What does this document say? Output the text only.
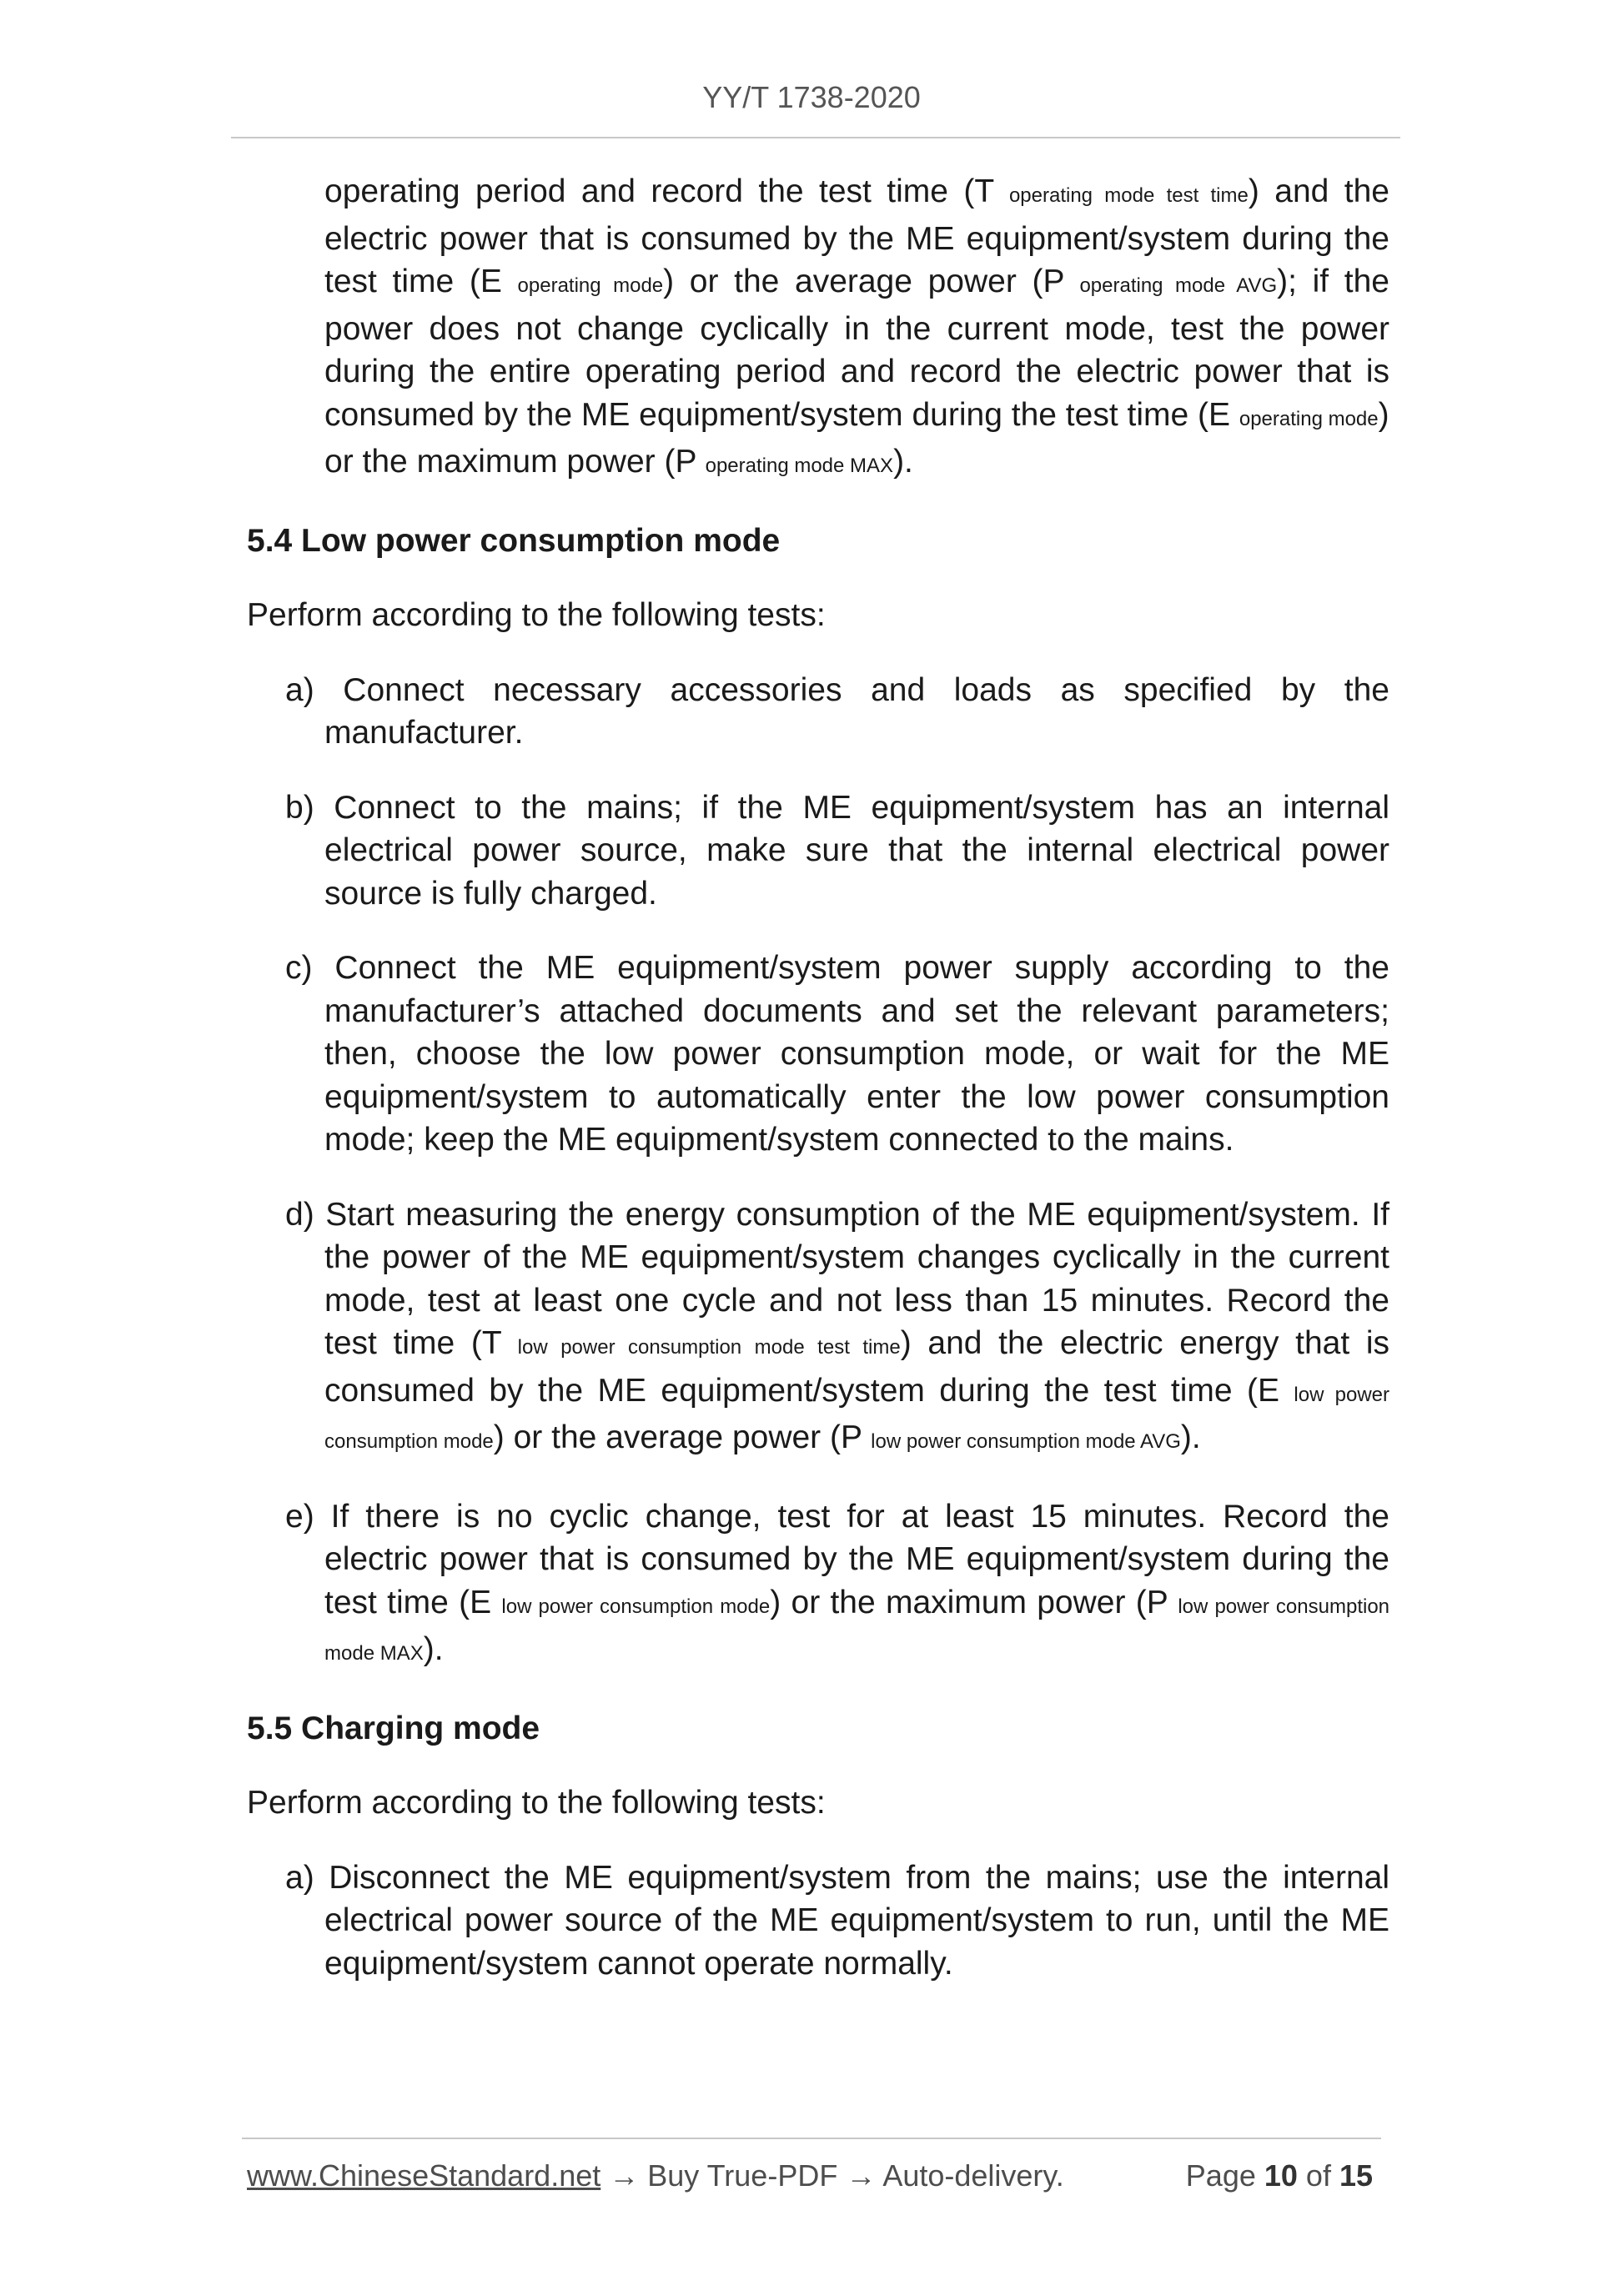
YY/T 1738-2020
operating period and record the test time (T operating mode test time) and the electric power that is consumed by the ME equipment/system during the test time (E operating mode) or the average power (P operating mode AVG); if the power does not change cyclically in the current mode, test the power during the entire operating period and record the electric power that is consumed by the ME equipment/system during the test time (E operating mode)
or the maximum power (P operating mode MAX).
5.4 Low power consumption mode
Perform according to the following tests:
a) Connect necessary accessories and loads as specified by the manufacturer.
b) Connect to the mains; if the ME equipment/system has an internal electrical power source, make sure that the internal electrical power source is fully charged.
c) Connect the ME equipment/system power supply according to the manufacturer’s attached documents and set the relevant parameters; then, choose the low power consumption mode, or wait for the ME equipment/system to automatically enter the low power consumption mode; keep the ME equipment/system connected to the mains.
d) Start measuring the energy consumption of the ME equipment/system. If the power of the ME equipment/system changes cyclically in the current mode, test at least one cycle and not less than 15 minutes. Record the test time (T low power consumption mode test time) and the electric energy that is consumed by the ME equipment/system during the test time (E low power consumption mode) or the average power (P low power consumption mode AVG).
e) If there is no cyclic change, test for at least 15 minutes. Record the electric power that is consumed by the ME equipment/system during the test time (E low power consumption mode) or the maximum power (P low power consumption mode MAX).
5.5 Charging mode
Perform according to the following tests:
a) Disconnect the ME equipment/system from the mains; use the internal electrical power source of the ME equipment/system to run, until the ME equipment/system cannot operate normally.
www.ChineseStandard.net → Buy True-PDF → Auto-delivery.	Page 10 of 15
